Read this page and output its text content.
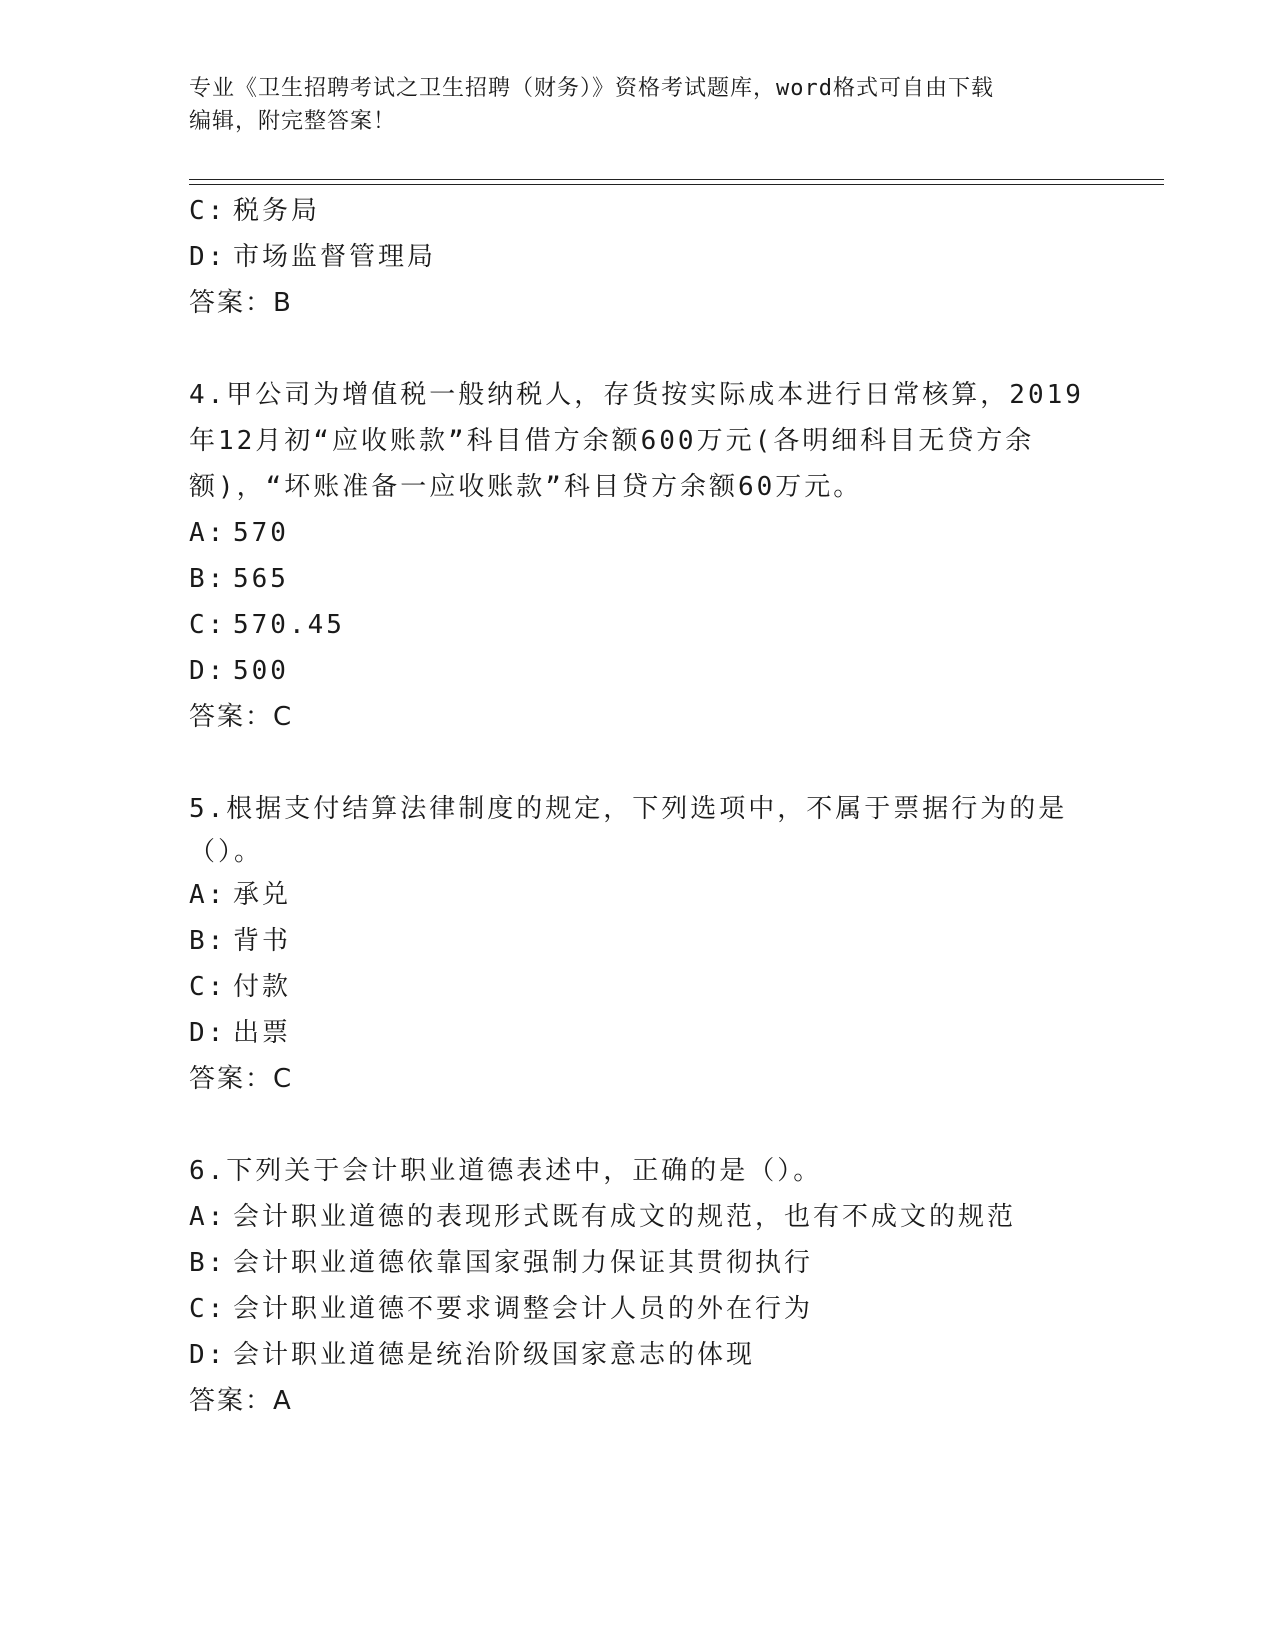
专业《卫生招聘考试之卫生招聘（财务）》资格考试题库，word格式可自由下载
编辑，附完整答案！
C: 税务局
D: 市场监督管理局
答案：B
4.甲公司为增值税一般纳税人，存货按实际成本进行日常核算，2019
年12月初“应收账款”科目借方余额600万元(各明细科目无贷方余
额)，“坏账准备一应收账款”科目贷方余额60万元。
A: 570
B: 565
C: 570.45
D: 500
答案：C
5.根据支付结算法律制度的规定，下列选项中，不属于票据行为的是
（）。
A: 承兑
B: 背书
C: 付款
D: 出票
答案：C
6.下列关于会计职业道德表述中，正确的是（）。
A: 会计职业道德的表现形式既有成文的规范，也有不成文的规范
B: 会计职业道德依靠国家强制力保证其贯彻执行
C: 会计职业道德不要求调整会计人员的外在行为
D: 会计职业道德是统治阶级国家意志的体现
答案：A
